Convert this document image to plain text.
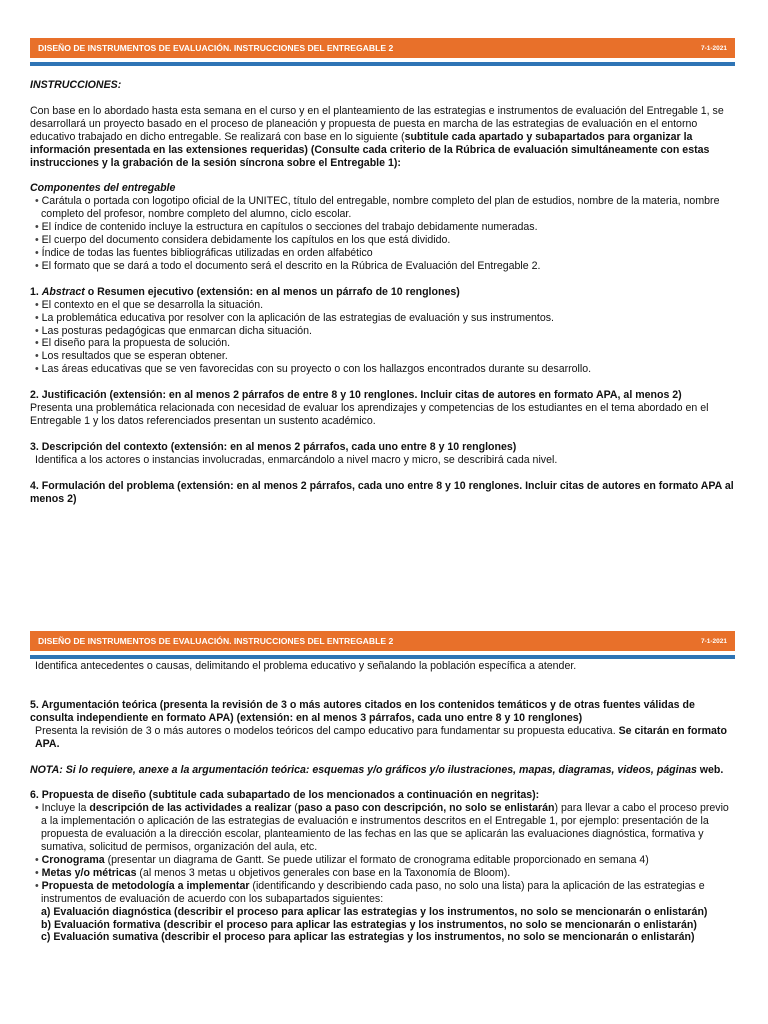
DISEÑO DE INSTRUMENTOS DE EVALUACIÓN. INSTRUCCIONES DEL ENTREGABLE 2	7-1-2021

INSTRUCCIONES:

Con base en lo abordado hasta esta semana en el curso y en el planteamiento de las estrategias e instrumentos de evaluación del Entregable 1, se desarrollará un proyecto basado en el proceso de planeación y propuesta de puesta en marcha de las estrategias de evaluación en el entorno educativo trabajado en dicho entregable. Se realizará con base en lo siguiente (subtitule cada apartado y subapartados para organizar la información presentada en las extensiones requeridas) (Consulte cada criterio de la Rúbrica de evaluación simultáneamente con estas instrucciones y la grabación de la sesión síncrona sobre el Entregable 1):

Componentes del entregable

• Carátula o portada con logotipo oficial de la UNITEC, título del entregable, nombre completo del plan de estudios, nombre de la materia, nombre completo del profesor, nombre completo del alumno, ciclo escolar.

• El índice de contenido incluye la estructura en capítulos o secciones del trabajo debidamente numeradas.

• El cuerpo del documento considera debidamente los capítulos en los que está dividido.

• Índice de todas las fuentes bibliográficas utilizadas en orden alfabético

• El formato que se dará a todo el documento será el descrito en la Rúbrica de Evaluación del Entregable 2.

1. Abstract o Resumen ejecutivo (extensión: en al menos un párrafo de 10 renglones)

• El contexto en el que se desarrolla la situación.

• La problemática educativa por resolver con la aplicación de las estrategias de evaluación y sus instrumentos.

• Las posturas pedagógicas que enmarcan dicha situación.

• El diseño para la propuesta de solución.

• Los resultados que se esperan obtener.

• Las áreas educativas que se ven favorecidas con su proyecto o con los hallazgos encontrados durante su desarrollo.

2. Justificación (extensión: en al menos 2 párrafos de entre 8 y 10 renglones. Incluir citas de autores en formato APA, al menos 2)

Presenta una problemática relacionada con necesidad de evaluar los aprendizajes y competencias de los estudiantes en el tema abordado en el Entregable 1 y los datos referenciados presentan un sustento académico.

3. Descripción del contexto (extensión: en al menos 2 párrafos, cada uno entre 8 y 10 renglones)

Identifica a los actores o instancias involucradas, enmarcándolo a nivel macro y micro, se describirá cada nivel.

4. Formulación del problema (extensión: en al menos 2 párrafos, cada uno entre 8 y 10 renglones. Incluir citas de autores en formato APA al menos 2)

DISEÑO DE INSTRUMENTOS DE EVALUACIÓN. INSTRUCCIONES DEL ENTREGABLE 2	7-1-2021

Identifica antecedentes o causas, delimitando el problema educativo y señalando la población específica a atender.

5. Argumentación teórica (presenta la revisión de 3 o más autores citados en los contenidos temáticos y de otras fuentes válidas de consulta independiente en formato APA) (extensión: en al menos 3 párrafos, cada uno entre 8 y 10 renglones)

Presenta la revisión de 3 o más autores o modelos teóricos del campo educativo para fundamentar su propuesta educativa. Se citarán en formato APA.

NOTA: Si lo requiere, anexe a la argumentación teórica: esquemas y/o gráficos y/o ilustraciones, mapas, diagramas, videos, páginas web.

6. Propuesta de diseño (subtitule cada subapartado de los mencionados a continuación en negritas):

• Incluye la descripción de las actividades a realizar (paso a paso con descripción, no solo se enlistarán) para llevar a cabo el proceso previo a la implementación o aplicación de las estrategias de evaluación e instrumentos descritos en el Entregable 1, por ejemplo: presentación de la propuesta de evaluación a la dirección escolar, planteamiento de las fechas en las que se aplicarán las evaluaciones diagnóstica, formativa y sumativa, solicitud de permisos, organización del aula, etc.

• Cronograma (presentar un diagrama de Gantt. Se puede utilizar el formato de cronograma editable proporcionado en semana 4)

• Metas y/o métricas (al menos 3 metas u objetivos generales con base en la Taxonomía de Bloom).

• Propuesta de metodología a implementar (identificando y describiendo cada paso, no solo una lista) para la aplicación de las estrategias e instrumentos de evaluación de acuerdo con los subapartados siguientes:

a) Evaluación diagnóstica (describir el proceso para aplicar las estrategias y los instrumentos, no solo se mencionarán o enlistarán)

b) Evaluación formativa (describir el proceso para aplicar las estrategias y los instrumentos, no solo se mencionarán o enlistarán)

c) Evaluación sumativa (describir el proceso para aplicar las estrategias y los instrumentos, no solo se mencionarán o enlistarán)
